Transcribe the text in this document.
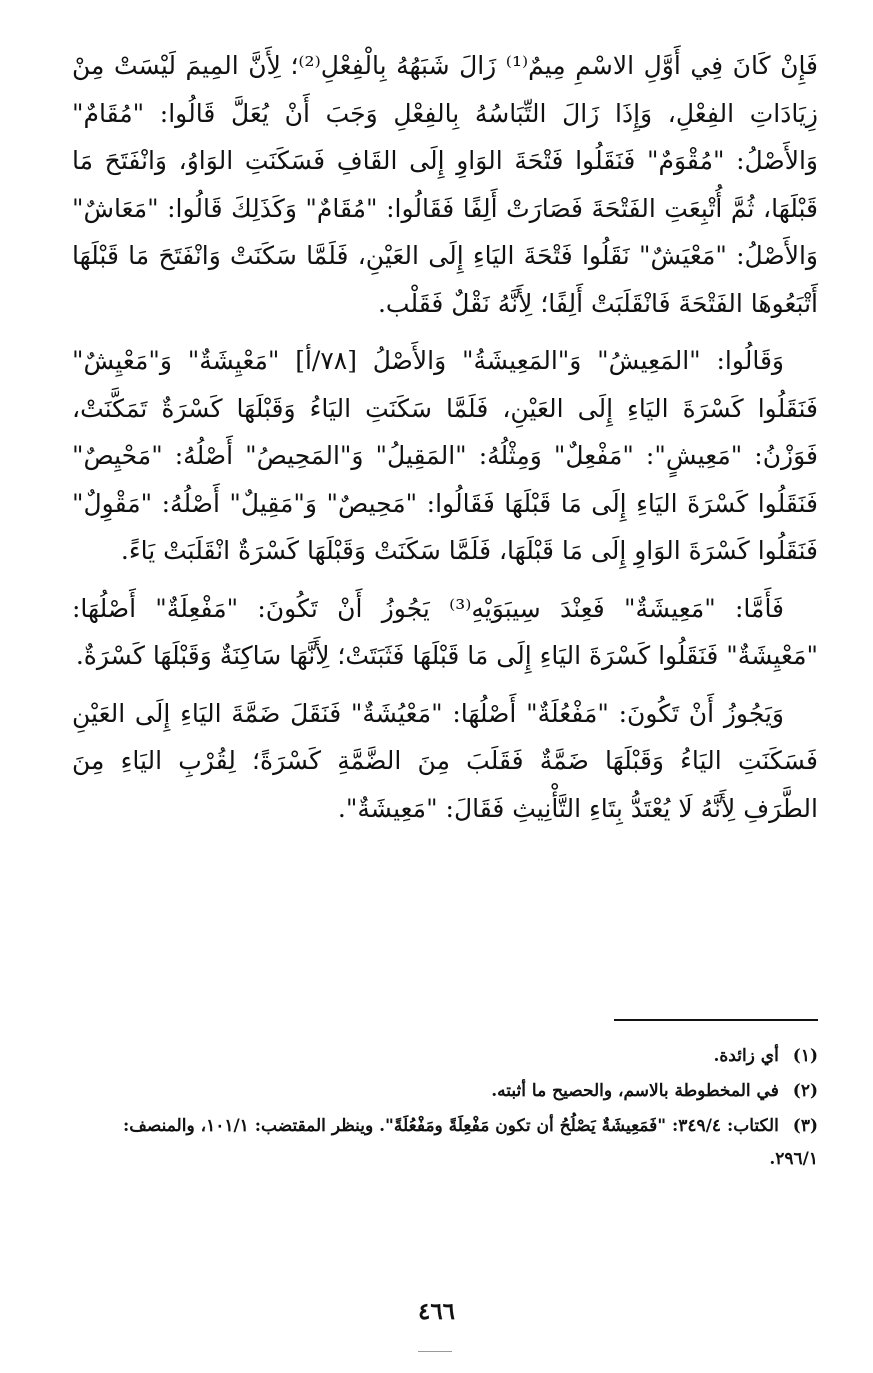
فَإِنْ كَانَ فِي أَوَّلِ الاسْمِ مِيمٌ⁽¹⁾ زَالَ شَبَهُهُ بِالْفِعْلِ⁽²⁾؛ لِأَنَّ المِيمَ لَيْسَتْ مِنْ زِيَادَاتِ الفِعْلِ، وَإِذَا زَالَ التِّبَاسُهُ بِالفِعْلِ وَجَبَ أَنْ يُعَلَّ قَالُوا: "مُقَامٌ" وَالأَصْلُ: "مُقْوَمٌ" فَنَقَلُوا فَتْحَةَ الوَاوِ إِلَى القَافِ فَسَكَنَتِ الوَاوُ، وَانْفَتَحَ مَا قَبْلَهَا، ثُمَّ أُتْبِعَتِ الفَتْحَةَ فَصَارَتْ أَلِفًا فَقَالُوا: "مُقَامٌ" وَكَذَلِكَ قَالُوا: "مَعَاشٌ" وَالأَصْلُ: "مَعْيَشٌ" نَقَلُوا فَتْحَةَ اليَاءِ إِلَى العَيْنِ، فَلَمَّا سَكَنَتْ وَانْفَتَحَ مَا قَبْلَهَا أَتْبَعُوهَا الفَتْحَةَ فَانْقَلَبَتْ أَلِفًا؛ لِأَنَّهُ نَقْلٌ فَقَلْب.

وَقَالُوا: "المَعِيشُ" وَ"المَعِيشَةُ" وَالأَصْلُ [٧٨/أ] "مَعْيِشَةٌ" وَ"مَعْيِشٌ" فَنَقَلُوا كَسْرَةَ اليَاءِ إِلَى العَيْنِ، فَلَمَّا سَكَنَتِ اليَاءُ وَقَبْلَهَا كَسْرَةٌ تَمَكَّنَتْ، فَوَزْنُ: "مَعِيشٍ": "مَفْعِلٌ" وَمِثْلُهُ: "المَقِيلُ" وَ"المَحِيصُ" أَصْلُهُ: "مَحْيِصٌ" فَنَقَلُوا كَسْرَةَ اليَاءِ إِلَى مَا قَبْلَهَا فَقَالُوا: "مَحِيصٌ" وَ"مَقِيلٌ" أَصْلُهُ: "مَقْوِلٌ" فَنَقَلُوا كَسْرَةَ الوَاوِ إِلَى مَا قَبْلَهَا، فَلَمَّا سَكَنَتْ وَقَبْلَهَا كَسْرَةٌ انْقَلَبَتْ يَاءً.

فَأَمَّا: "مَعِيشَةٌ" فَعِنْدَ سِيبَوَيْهِ⁽³⁾ يَجُوزُ أَنْ تَكُونَ: "مَفْعِلَةٌ" أَصْلُهَا: "مَعْيِشَةٌ" فَنَقَلُوا كَسْرَةَ اليَاءِ إِلَى مَا قَبْلَهَا فَثَبَتَتْ؛ لِأَنَّهَا سَاكِنَةٌ وَقَبْلَهَا كَسْرَةٌ.

وَيَجُوزُ أَنْ تَكُونَ: "مَفْعُلَةٌ" أَصْلُهَا: "مَعْيُشَةٌ" فَنَقَلَ ضَمَّةَ اليَاءِ إِلَى العَيْنِ فَسَكَنَتِ اليَاءُ وَقَبْلَهَا ضَمَّةٌ فَقَلَبَ مِنَ الضَّمَّةِ كَسْرَةً؛ لِقُرْبِ اليَاءِ مِنَ الطَّرَفِ لِأَنَّهُ لَا يُعْتَدُّ بِتَاءِ التَّأْنِيثِ فَقَالَ: "مَعِيشَةٌ".

(١) أي زائدة.

(٢) في المخطوطة بالاسم، والحصيح ما أثبته.

(٣) الكتاب: ٣٤٩/٤: "فَمَعِيشَةٌ يَصْلُحُ أن تكون مَفْعِلَةً ومَفْعُلَةً". وينظر المقتضب: ١٠١/١، والمنصف: ٢٩٦/١.

٤٦٦
